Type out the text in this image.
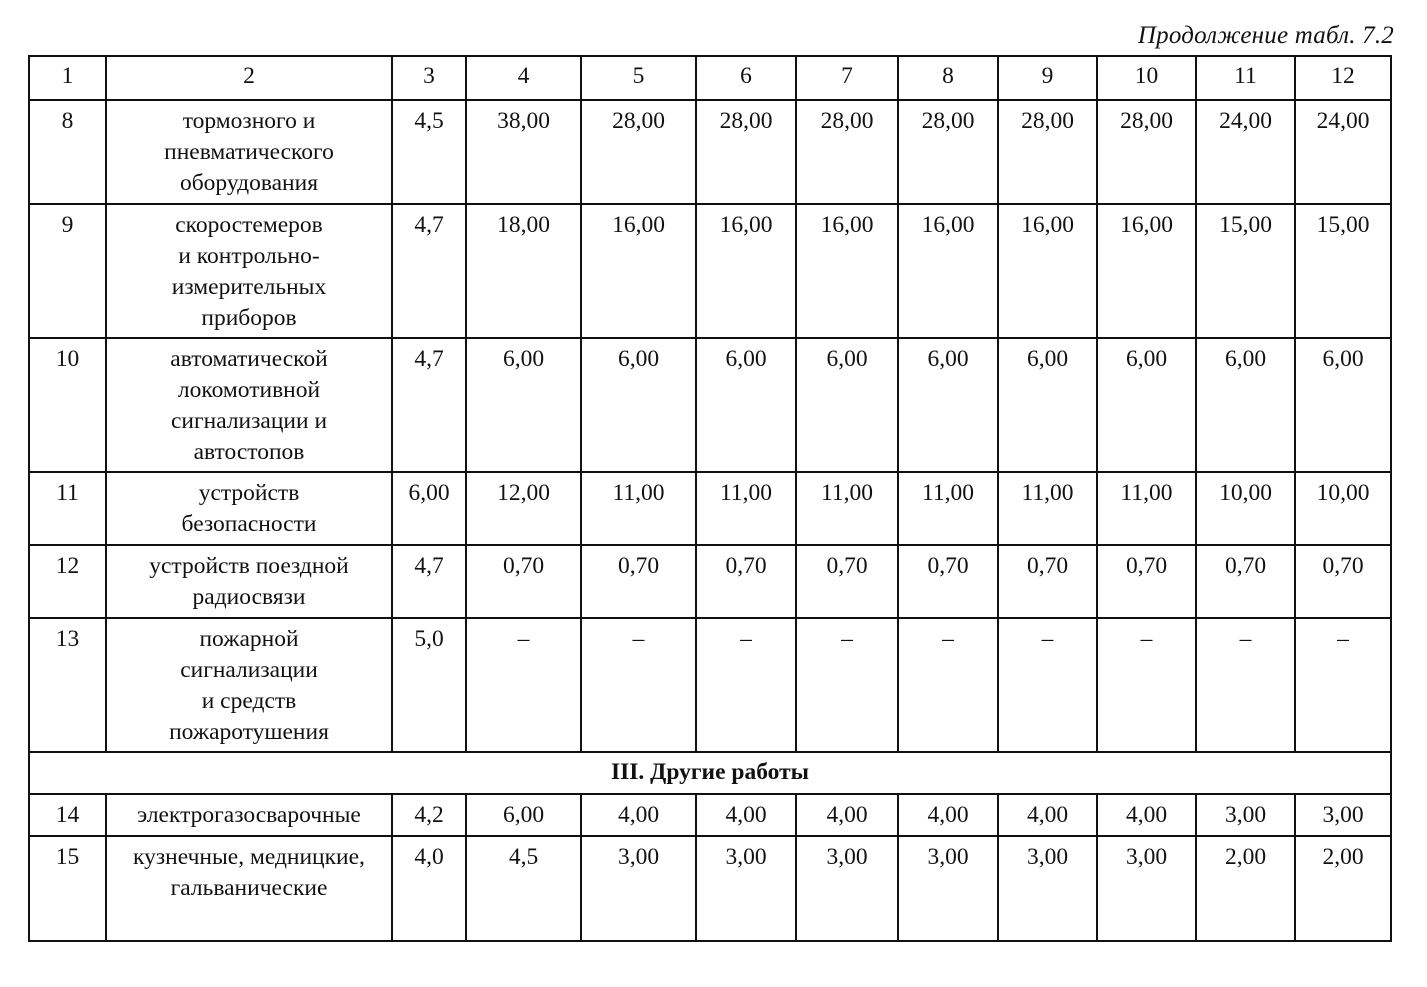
Продолжение табл. 7.2
1	2	3	4	5	6	7	8	9	10	11	12
8	тормозного и
пневматического
оборудования	4,5	38,00	28,00	28,00	28,00	28,00	28,00	28,00	24,00	24,00
9	скоростемеров
и контрольно-
измерительных
приборов	4,7	18,00	16,00	16,00	16,00	16,00	16,00	16,00	15,00	15,00
10	автоматической
локомотивной
сигнализации и
автостопов	4,7	6,00	6,00	6,00	6,00	6,00	6,00	6,00	6,00	6,00
11	устройств
безопасности	6,00	12,00	11,00	11,00	11,00	11,00	11,00	11,00	10,00	10,00
12	устройств поездной
радиосвязи	4,7	0,70	0,70	0,70	0,70	0,70	0,70	0,70	0,70	0,70
13	пожарной
сигнализации
и средств
пожаротушения	5,0	–	–	–	–	–	–	–	–	–
III. Другие работы											
14	электрогазосварочные	4,2	6,00	4,00	4,00	4,00	4,00	4,00	4,00	3,00	3,00
15	кузнечные, медницкие,
гальванические	4,0	4,5	3,00	3,00	3,00	3,00	3,00	3,00	2,00	2,00
